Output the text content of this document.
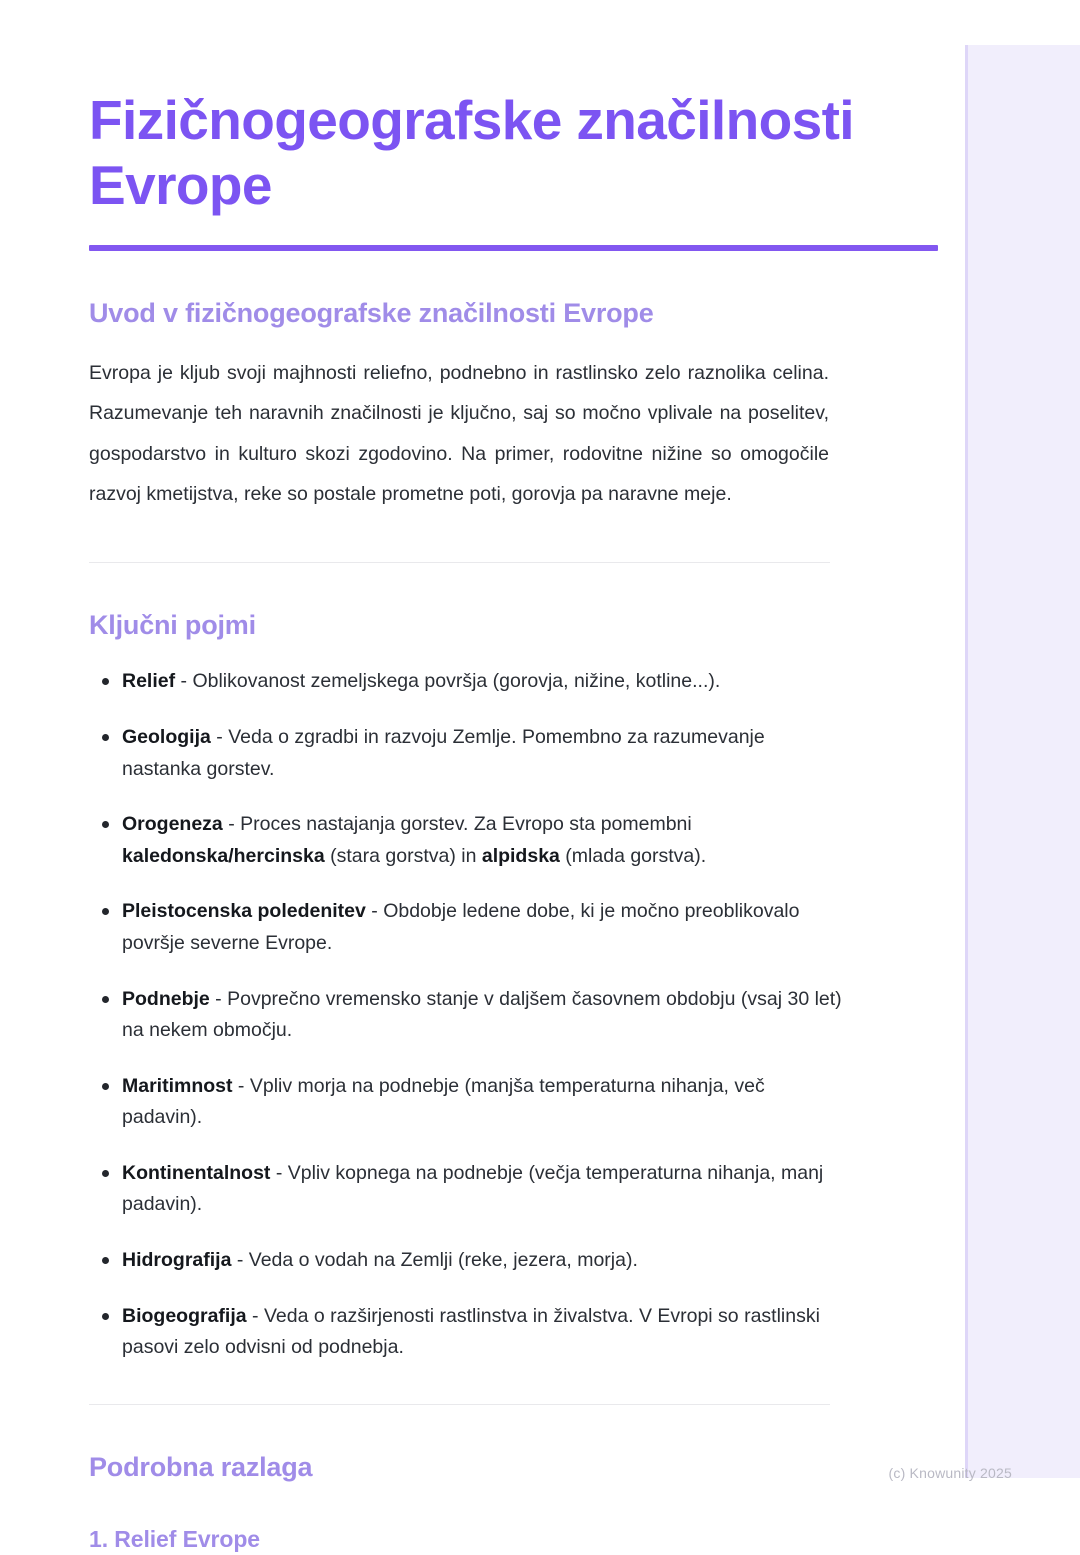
Fizičnogeografske značilnosti Evrope
Uvod v fizičnogeografske značilnosti Evrope

Evropa je kljub svoji majhnosti reliefno, podnebno in rastlinsko zelo raznolika celina. Razumevanje teh naravnih značilnosti je ključno, saj so močno vplivale na poselitev, gospodarstvo in kulturo skozi zgodovino. Na primer, rodovitne nižine so omogočile razvoj kmetijstva, reke so postale prometne poti, gorovja pa naravne meje.

Ključni pojmi
Relief - Oblikovanost zemeljskega površja (gorovja, nižine, kotline...).
Geologija - Veda o zgradbi in razvoju Zemlje. Pomembno za razumevanje nastanka gorstev.
Orogeneza - Proces nastajanja gorstev. Za Evropo sta pomembni kaledonska/hercinska (stara gorstva) in alpidska (mlada gorstva).
Pleistocenska poledenitev - Obdobje ledene dobe, ki je močno preoblikovalo površje severne Evrope.
Podnebje - Povprečno vremensko stanje v daljšem časovnem obdobju (vsaj 30 let) na nekem območju.
Maritimnost - Vpliv morja na podnebje (manjša temperaturna nihanja, več padavin).
Kontinentalnost - Vpliv kopnega na podnebje (večja temperaturna nihanja, manj padavin).
Hidrografija - Veda o vodah na Zemlji (reke, jezera, morja).
Biogeografija - Veda o razširjenosti rastlinstva in živalstva. V Evropi so rastlinski pasovi zelo odvisni od podnebja.
Podrobna razlaga
1. Relief Evrope
(c) Knowunity 2025
